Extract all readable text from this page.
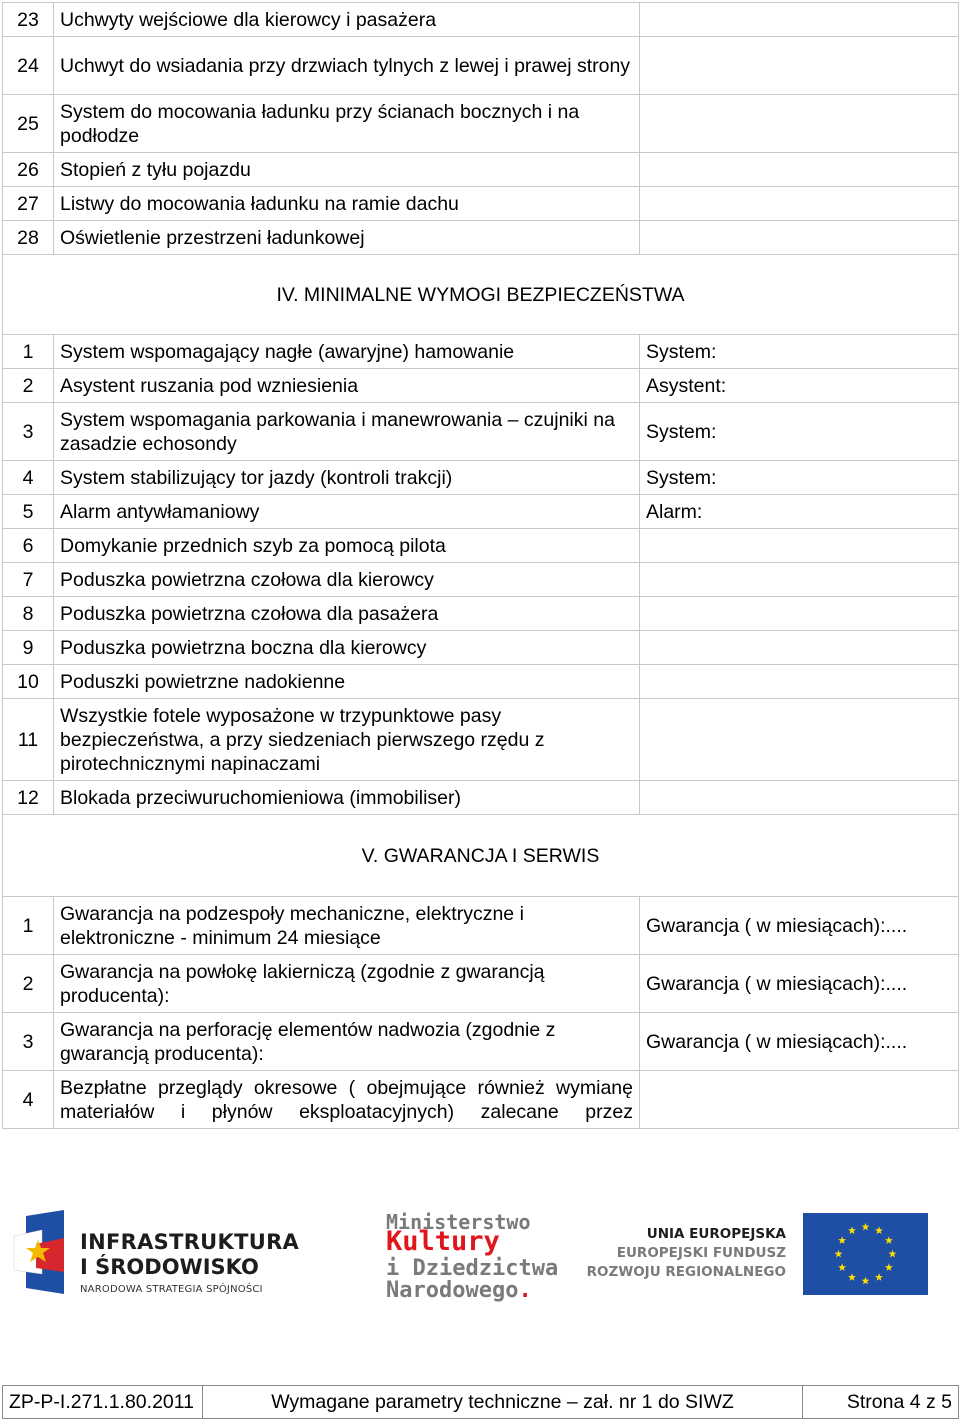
23	Uchwyty wejściowe dla kierowcy i pasażera	
24	Uchwyt do wsiadania przy drzwiach tylnych z lewej i prawej strony	
25	System do mocowania ładunku przy ścianach bocznych i na podłodze	
26	Stopień z tyłu pojazdu	
27	Listwy do mocowania ładunku na ramie dachu	
28	Oświetlenie przestrzeni ładunkowej	
IV. MINIMALNE WYMOGI BEZPIECZEŃSTWA		
1	System wspomagający nagłe (awaryjne) hamowanie	System:
2	Asystent ruszania pod wzniesienia	Asystent:
3	System wspomagania parkowania i manewrowania – czujniki na zasadzie echosondy	System:
4	System stabilizujący tor jazdy (kontroli trakcji)	System:
5	Alarm antywłamaniowy	Alarm:
6	Domykanie przednich szyb za pomocą pilota	
7	Poduszka powietrzna czołowa dla kierowcy	
8	Poduszka powietrzna czołowa dla pasażera	
9	Poduszka powietrzna boczna dla kierowcy	
10	Poduszki powietrzne nadokienne	
11	Wszystkie fotele wyposażone w trzypunktowe pasy bezpieczeństwa, a przy siedzeniach pierwszego rzędu z pirotechnicznymi napinaczami	
12	Blokada przeciwuruchomieniowa (immobiliser)	
V. GWARANCJA I SERWIS		
1	Gwarancja na podzespoły mechaniczne, elektryczne i elektroniczne - minimum 24 miesiące	Gwarancja ( w miesiącach):....
2	Gwarancja na powłokę lakierniczą (zgodnie z gwarancją producenta):	Gwarancja ( w miesiącach):....
3	Gwarancja na perforację elementów nadwozia (zgodnie z gwarancją producenta):	Gwarancja ( w miesiącach):....
4	Bezpłatne przeglądy okresowe ( obejmujące również wymianę materiałów i płynów eksploatacyjnych) zalecane przez	
INFRASTRUKTURA
I ŚRODOWISKO
NARODOWA STRATEGIA SPÓJNOŚCI
Ministerstwo
Kultury
i Dziedzictwa
Narodowego.
UNIA EUROPEJSKA
EUROPEJSKI FUNDUSZ
ROZWOJU REGIONALNEGO
ZP-P-I.271.1.80.2011	Wymagane parametry techniczne – zał. nr 1 do SIWZ	Strona 4 z 5
